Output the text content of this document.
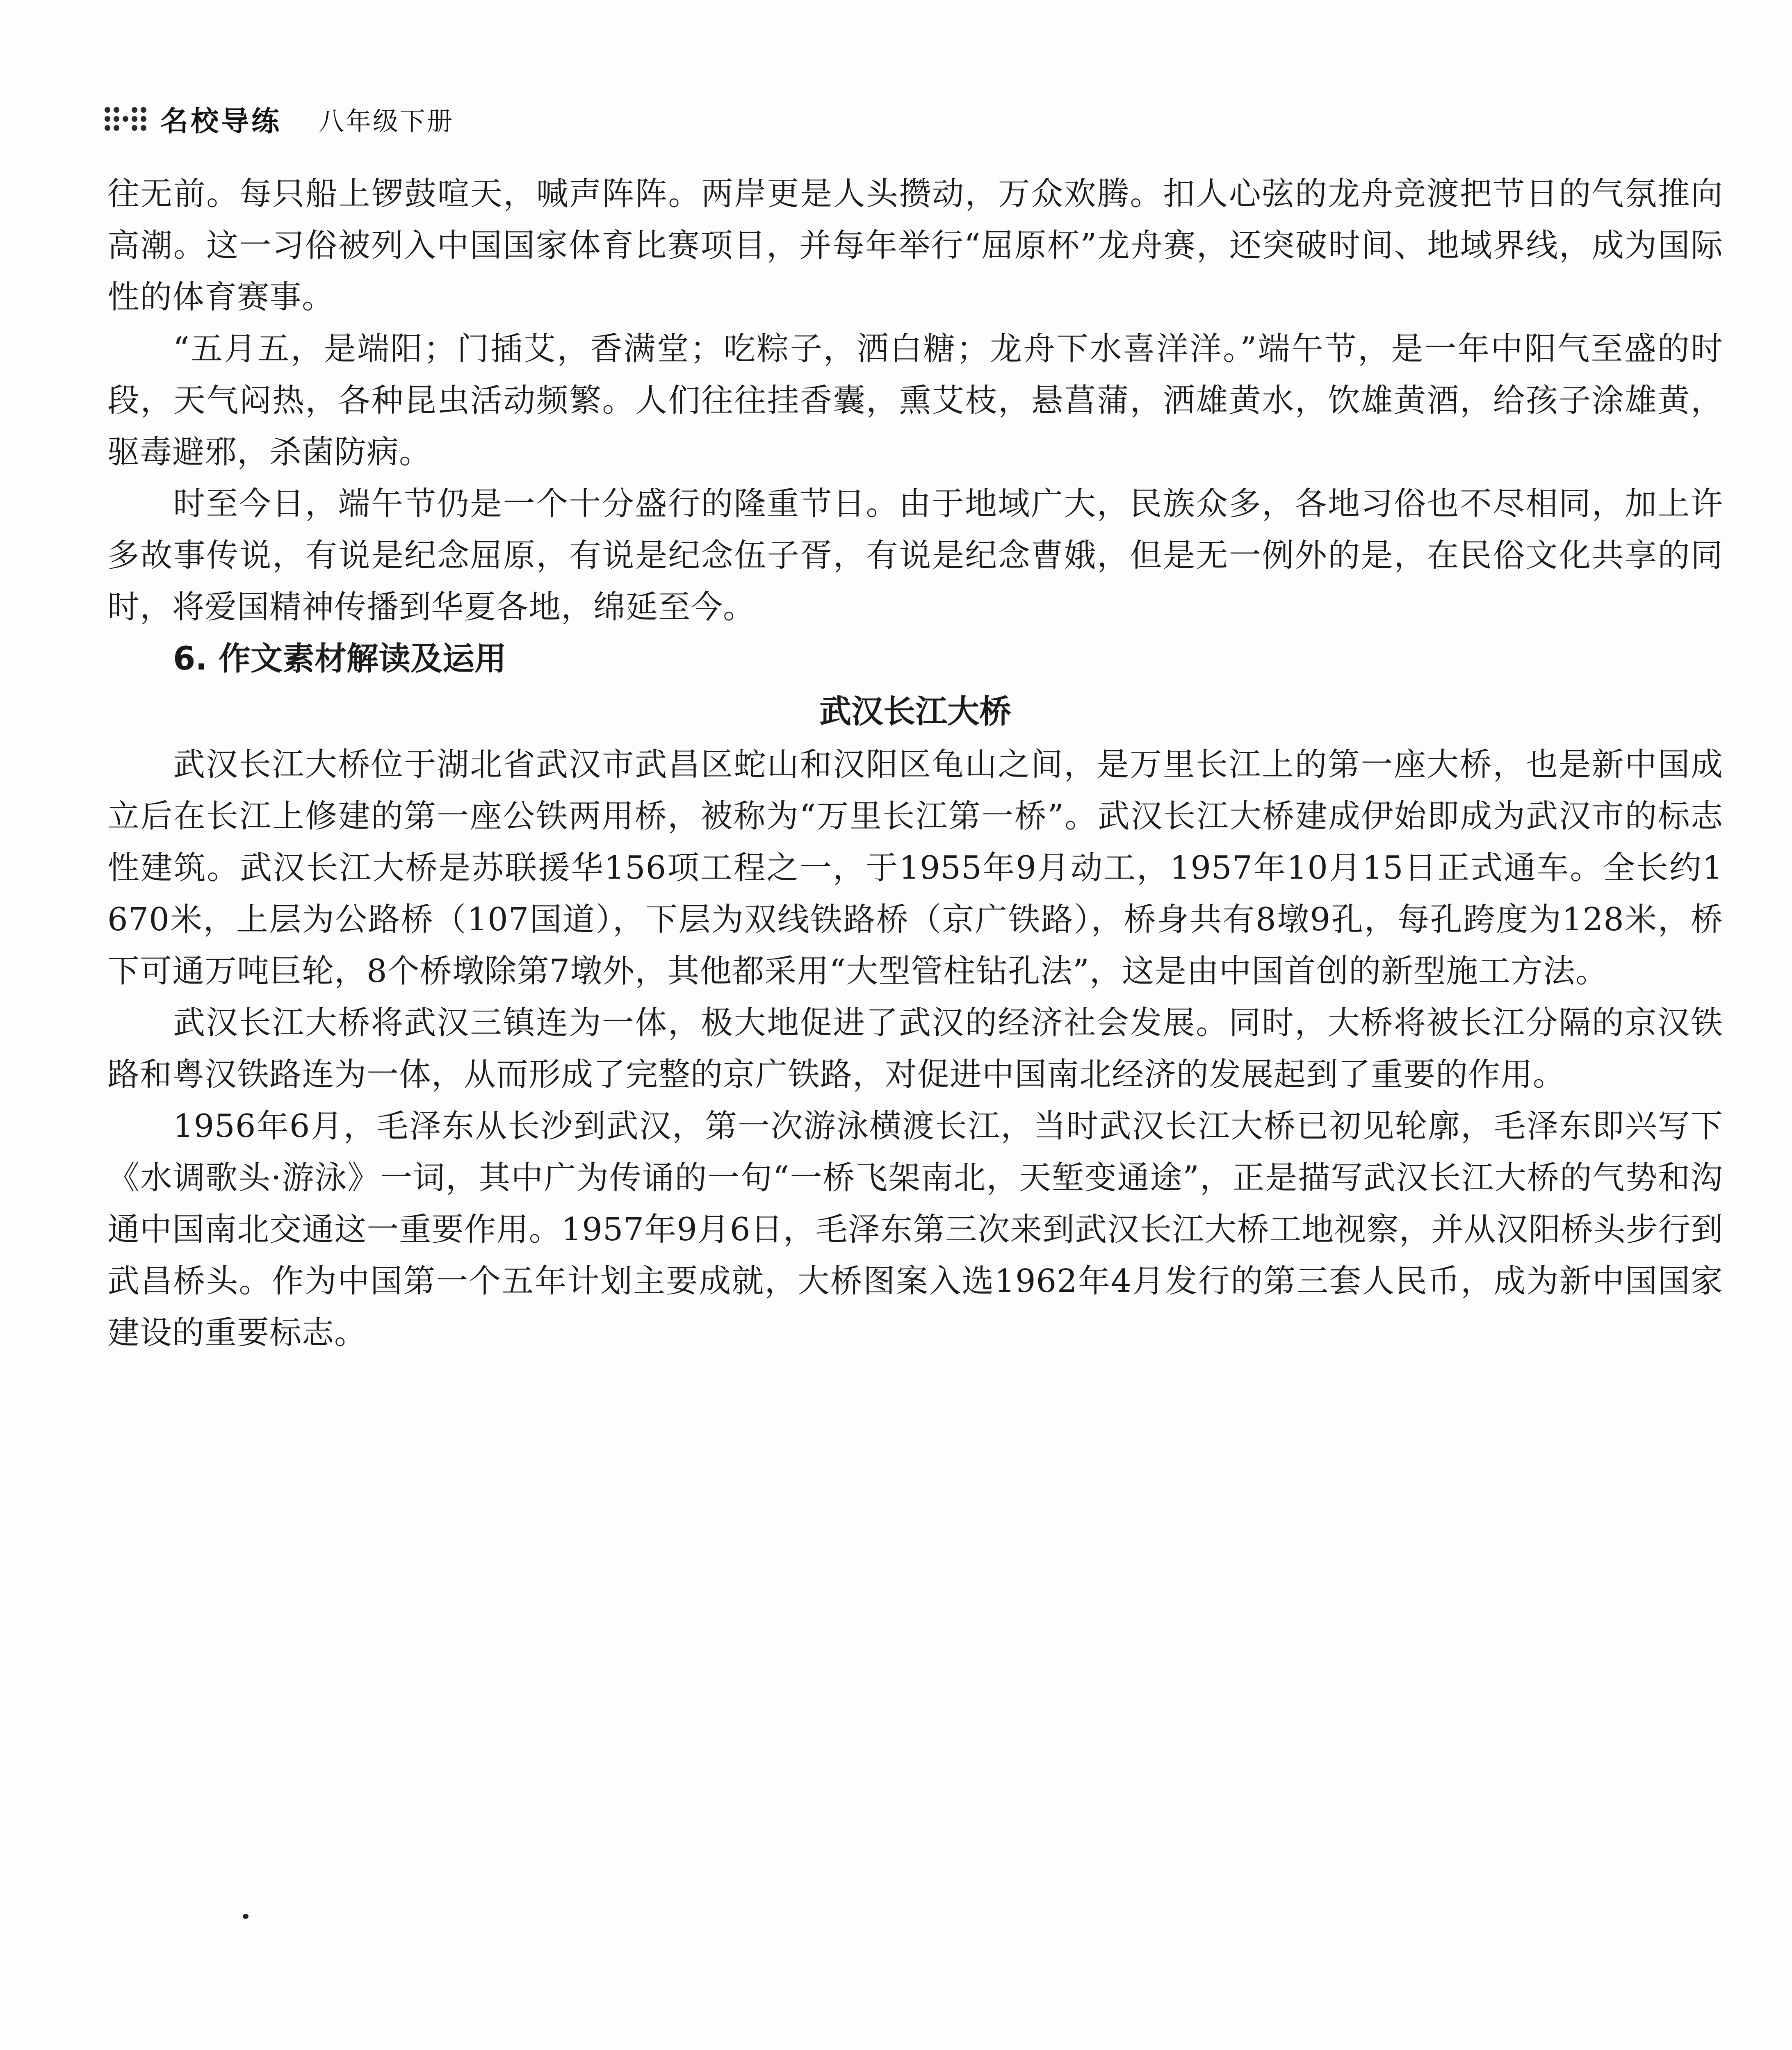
名校导练 八年级下册

往无前。每只船上锣鼓喧天，喊声阵阵。两岸更是人头攒动，万众欢腾。扣人心弦的龙舟竞渡把节日的气氛推向高潮。这一习俗被列入中国国家体育比赛项目，并每年举行“屈原杯”龙舟赛，还突破时间、地域界线，成为国际性的体育赛事。

“五月五，是端阳；门插艾，香满堂；吃粽子，洒白糖；龙舟下水喜洋洋。”端午节，是一年中阳气至盛的时段，天气闷热，各种昆虫活动频繁。人们往往挂香囊，熏艾枝，悬菖蒲，洒雄黄水，饮雄黄酒，给孩子涂雄黄，驱毒避邪，杀菌防病。

时至今日，端午节仍是一个十分盛行的隆重节日。由于地域广大，民族众多，各地习俗也不尽相同，加上许多故事传说，有说是纪念屈原，有说是纪念伍子胥，有说是纪念曹娥，但是无一例外的是，在民俗文化共享的同时，将爱国精神传播到华夏各地，绵延至今。

6. 作文素材解读及运用

武汉长江大桥

武汉长江大桥位于湖北省武汉市武昌区蛇山和汉阳区龟山之间，是万里长江上的第一座大桥，也是新中国成立后在长江上修建的第一座公铁两用桥，被称为“万里长江第一桥”。武汉长江大桥建成伊始即成为武汉市的标志性建筑。武汉长江大桥是苏联援华156项工程之一，于1955年9月动工，1957年10月15日正式通车。全长约1 670米，上层为公路桥（107国道），下层为双线铁路桥（京广铁路），桥身共有8墩9孔，每孔跨度为128米，桥下可通万吨巨轮，8个桥墩除第7墩外，其他都采用“大型管柱钻孔法”，这是由中国首创的新型施工方法。

武汉长江大桥将武汉三镇连为一体，极大地促进了武汉的经济社会发展。同时，大桥将被长江分隔的京汉铁路和粤汉铁路连为一体，从而形成了完整的京广铁路，对促进中国南北经济的发展起到了重要的作用。

1956年6月，毛泽东从长沙到武汉，第一次游泳横渡长江，当时武汉长江大桥已初见轮廓，毛泽东即兴写下《水调歌头·游泳》一词，其中广为传诵的一句“一桥飞架南北，天堑变通途”，正是描写武汉长江大桥的气势和沟通中国南北交通这一重要作用。1957年9月6日，毛泽东第三次来到武汉长江大桥工地视察，并从汉阳桥头步行到武昌桥头。作为中国第一个五年计划主要成就，大桥图案入选1962年4月发行的第三套人民币，成为新中国国家建设的重要标志。
